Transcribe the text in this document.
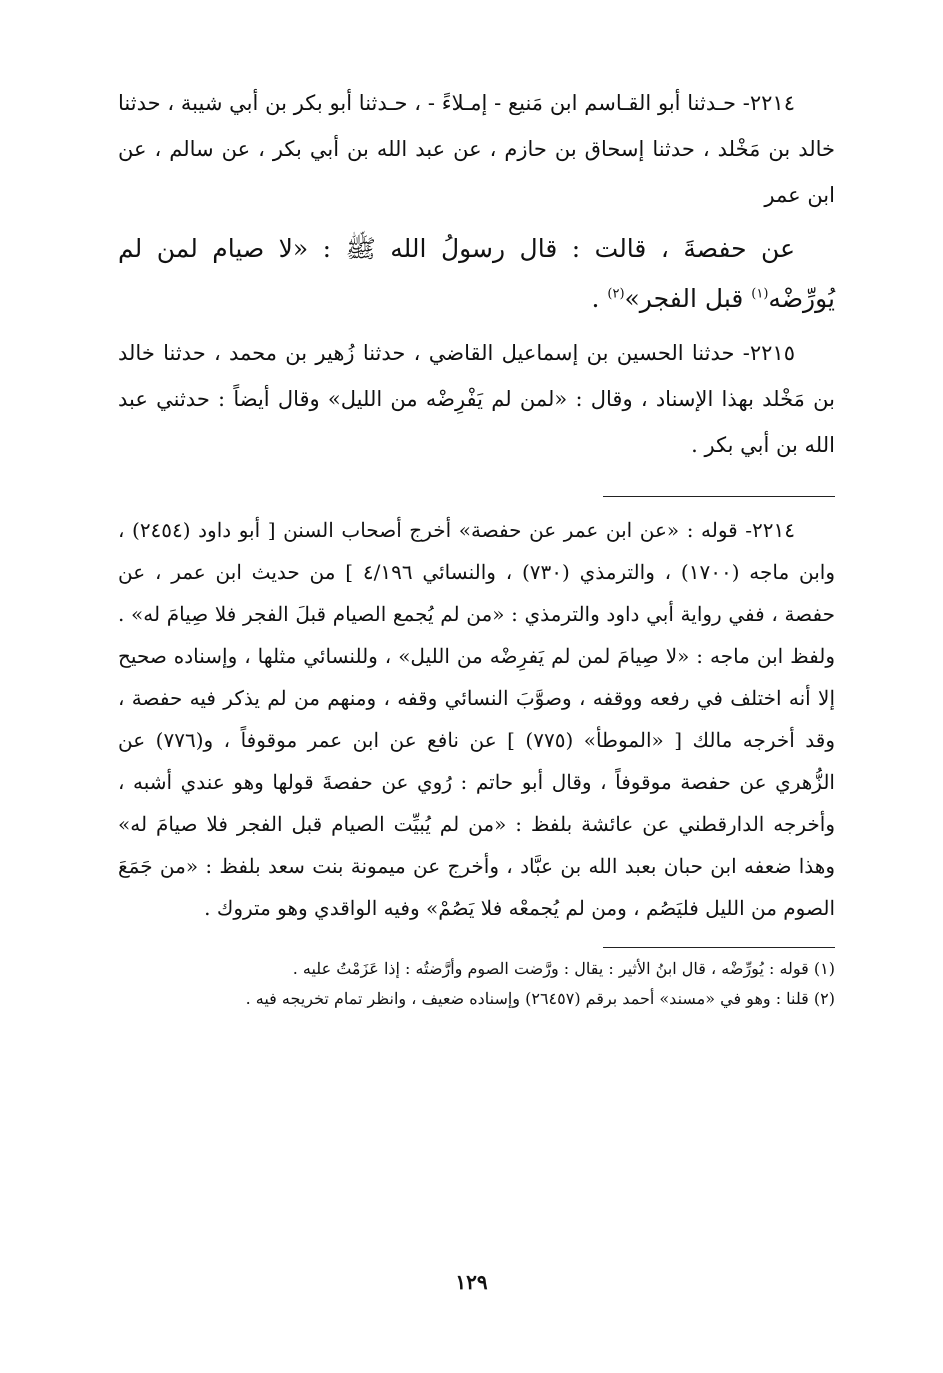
٢٢١٤- حـدثنا أبو القـاسم ابن مَنيع - إمـلاءً - ، حـدثنا أبو بكر بن أبي شيبة ، حدثنا خالد بن مَخْلد ، حدثنا إسحاق بن حازم ، عن عبد الله بن أبي بكر ، عن سالم ، عن ابن عمر

عن حفصةَ ، قالت : قال رسولُ الله ﷺ : «لا صيام لمن لم يُورِّضْه$^{(١)}$ قبل الفجر»$^{(٢)}$ .

٢٢١٥- حدثنا الحسين بن إسماعيل القاضي ، حدثنا زُهير بن محمد ، حدثنا خالد بن مَخْلد بهذا الإسناد ، وقال : «لمن لم يَفْرِضْه من الليل» وقال أيضاً : حدثني عبد الله بن أبي بكر .

٢٢١٤- قوله : «عن ابن عمر عن حفصة» أخرج أصحاب السنن [ أبو داود (٢٤٥٤) ، وابن ماجه (١٧٠٠) ، والترمذي (٧٣٠) ، والنسائي ٤/١٩٦ ] من حديث ابن عمر ، عن حفصة ، ففي رواية أبي داود والترمذي : «من لم يُجمع الصيام قبلَ الفجر فلا صِيامَ له» . ولفظ ابن ماجه : «لا صِيامَ لمن لم يَفرِضْه من الليل» ، وللنسائي مثلها ، وإسناده صحيح إلا أنه اختلف في رفعه ووقفه ، وصوَّبَ النسائي وقفه ، ومنهم من لم يذكر فيه حفصة ، وقد أخرجه مالك [ «الموطأ» (٧٧٥) ] عن نافع عن ابن عمر موقوفاً ، و(٧٧٦) عن الزُّهري عن حفصة موقوفاً ، وقال أبو حاتم : رُوي عن حفصةَ قولها وهو عندي أشبه ، وأخرجه الدارقطني عن عائشة بلفظ : «من لم يُبيِّت الصيام قبل الفجر فلا صيامَ له» وهذا ضعفه ابن حبان بعبد الله بن عبَّاد ، وأخرج عن ميمونة بنت سعد بلفظ : «من جَمَعَ الصوم من الليل فليَصُم ، ومن لم يُجمعْه فلا يَصُمْ» وفيه الواقدي وهو متروك .

(١) قوله : يُورِّضْه ، قال ابنُ الأثير : يقال : ورَّضت الصوم وأرَّضتُه : إذا عَزَمْتُ عليه .

(٢) قلنا : وهو في «مسند» أحمد برقم (٢٦٤٥٧) وإسناده ضعيف ، وانظر تمام تخريجه فيه .

١٢٩
